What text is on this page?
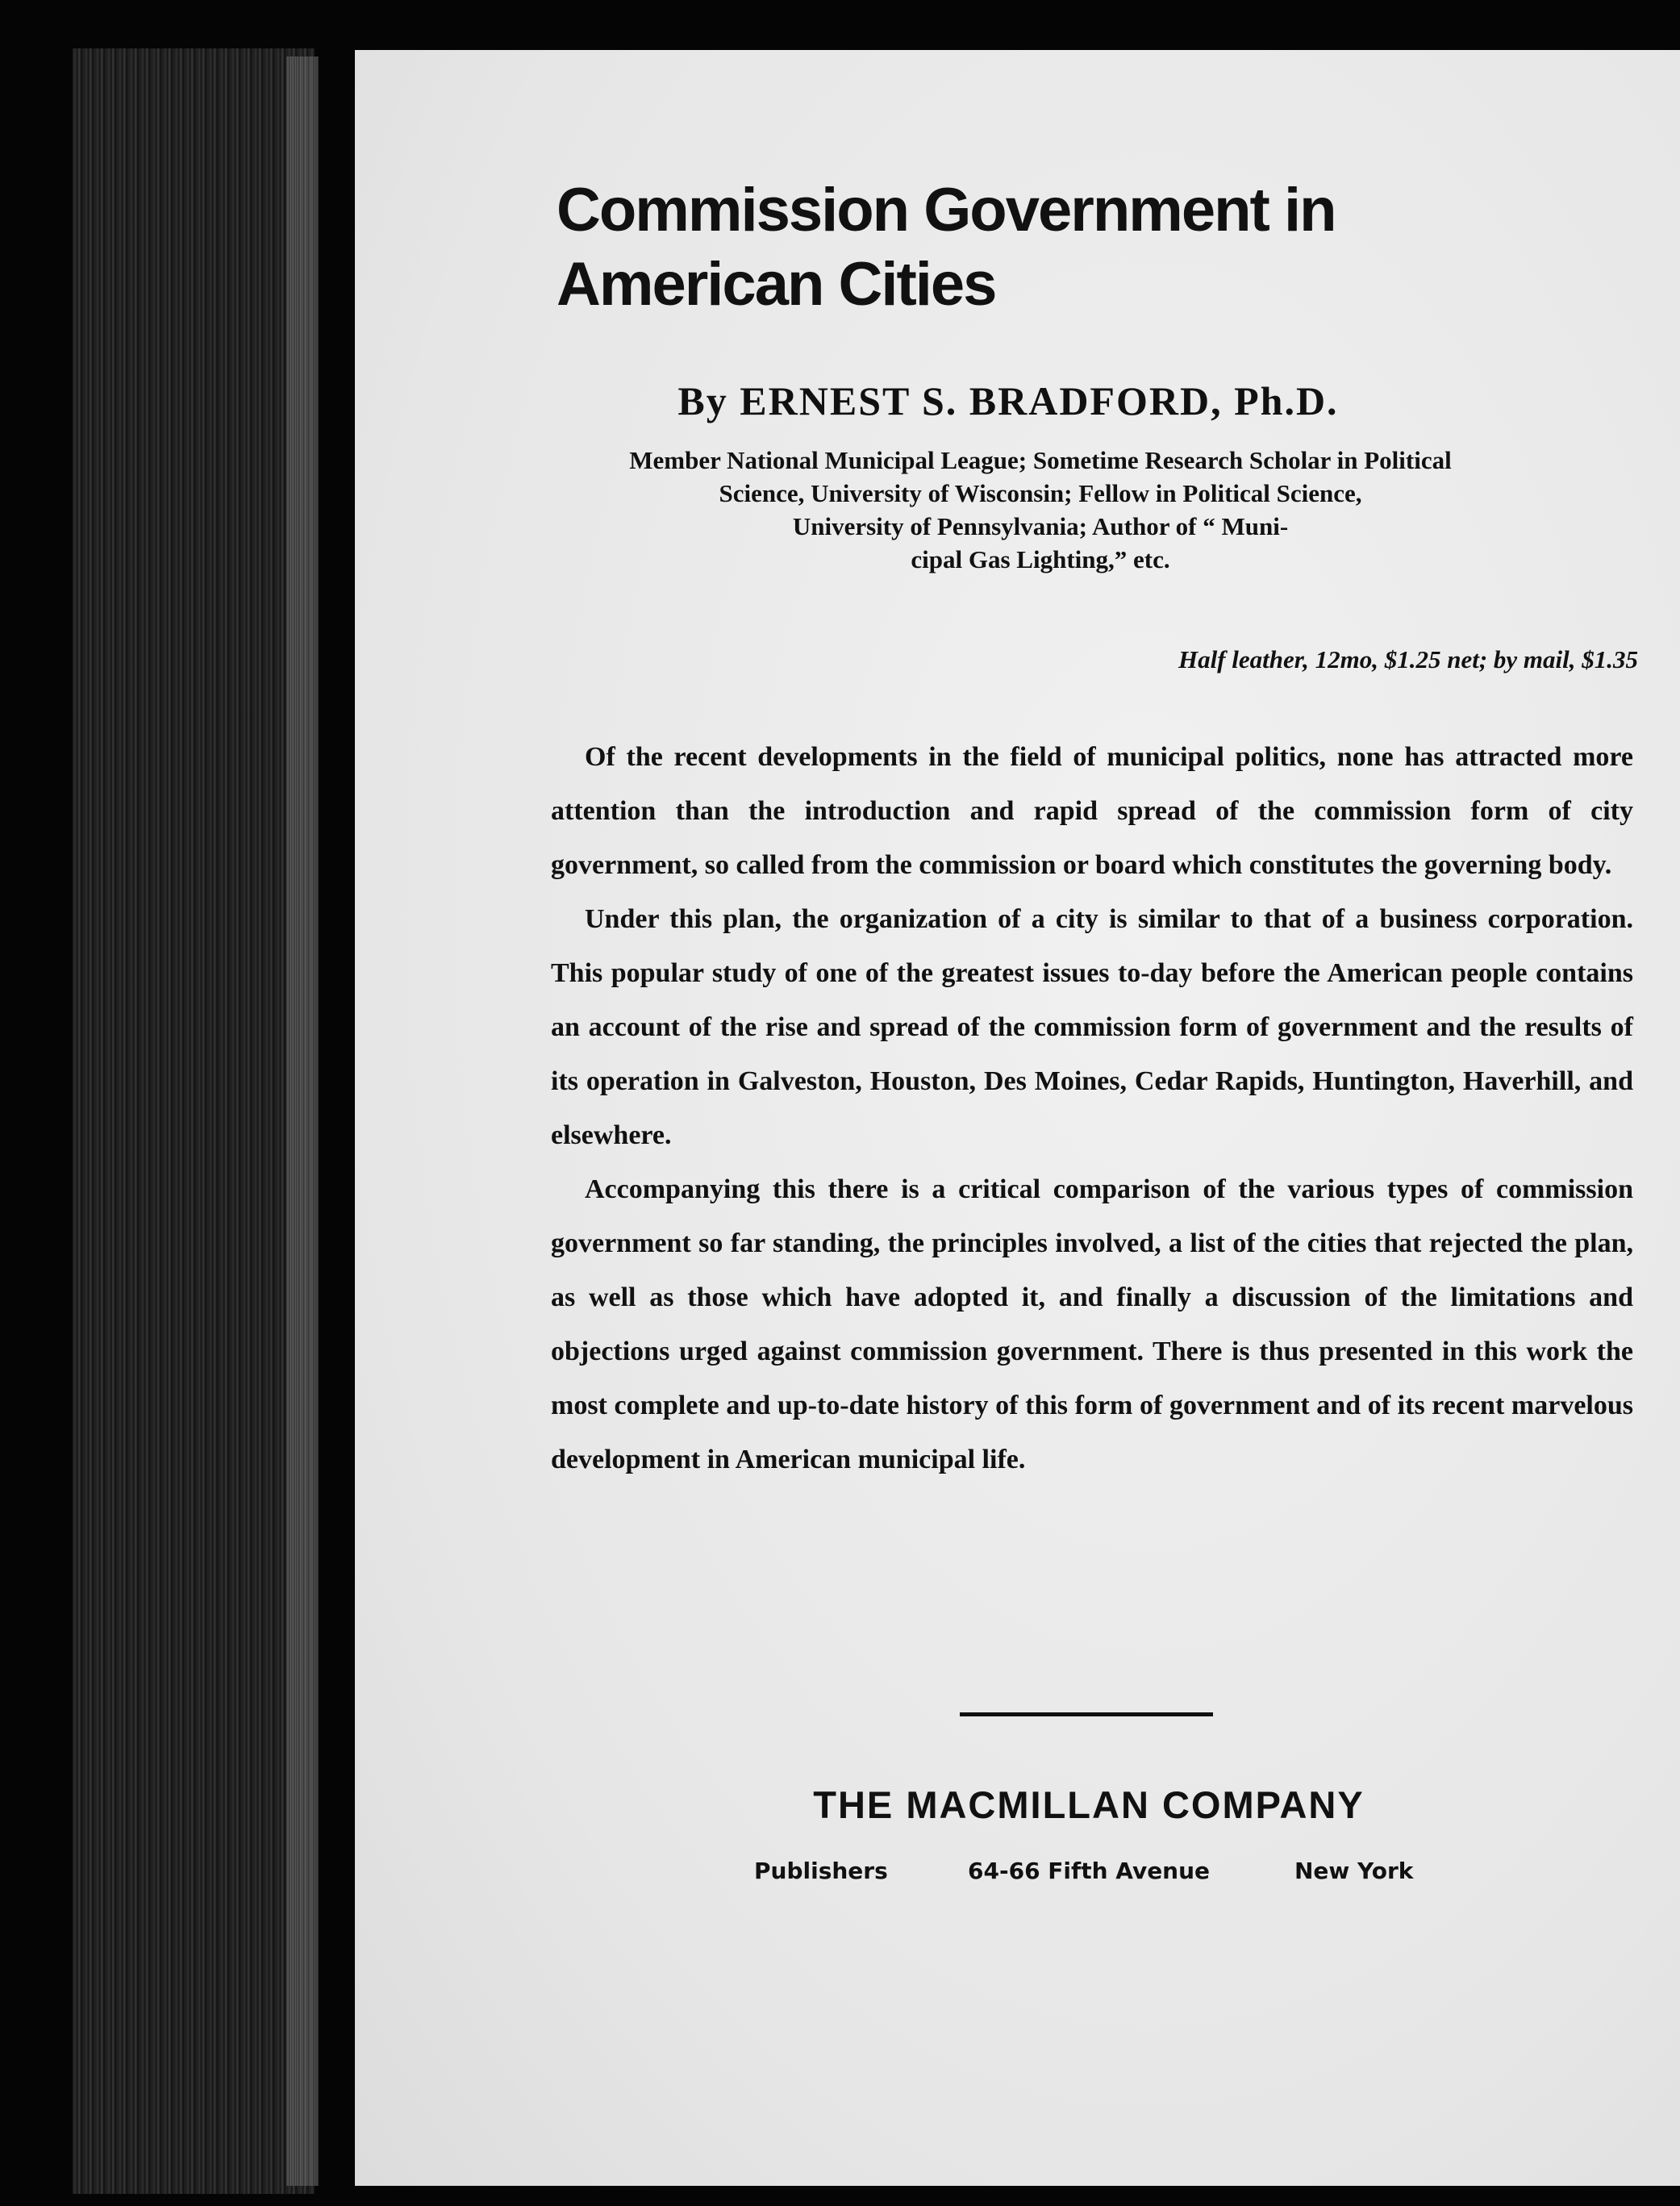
Commission Government in
American Cities
By ERNEST S. BRADFORD, Ph.D.
Member National Municipal League; Sometime Research Scholar in Political
Science, University of Wisconsin; Fellow in Political Science,
University of Pennsylvania; Author of “ Muni-
cipal Gas Lighting,” etc.
Half leather, 12mo, $1.25 net; by mail, $1.35

Of the recent developments in the field of municipal politics, none has attracted more attention than the introduction and rapid spread of the commission form of city government, so called from the commission or board which constitutes the governing body.

Under this plan, the organization of a city is similar to that of a business corporation. This popular study of one of the greatest issues to-day before the American people contains an account of the rise and spread of the commission form of government and the results of its operation in Galveston, Houston, Des Moines, Cedar Rapids, Huntington, Haverhill, and elsewhere.

Accompanying this there is a critical comparison of the various types of commission government so far standing, the principles involved, a list of the cities that rejected the plan, as well as those which have adopted it, and finally a discussion of the limitations and objections urged against commission government. There is thus presented in this work the most complete and up-to-date history of this form of government and of its recent marvelous development in American municipal life.

THE MACMILLAN COMPANY
Publishers	64-66 Fifth Avenue	New York
